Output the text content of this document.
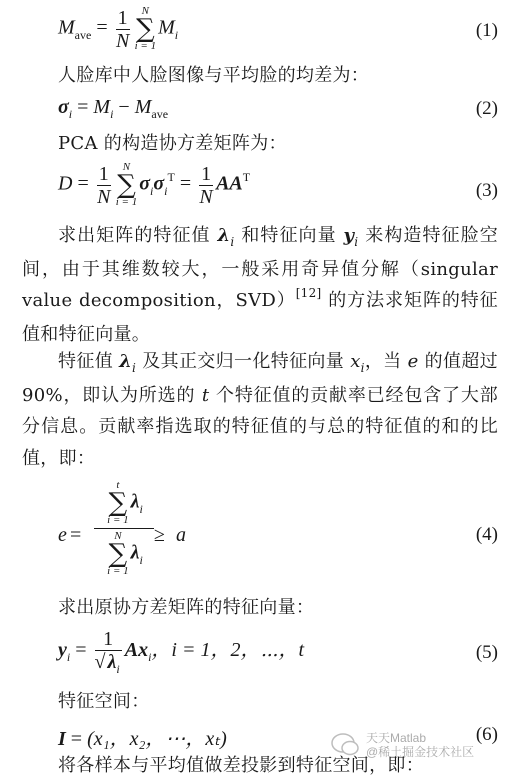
$M_{ave} = \frac{1}{N}$	N
∑
i = 1
$M_i$	(1)
人脸库中人脸图像与平均脸的均差为：
$\sigma_i = M_i - M_{ave}$	(2)
PCA 的构造协方差矩阵为：
$D = \frac{1}{N}$	N
∑
i = 1
$\sigma_i\sigma_i^T = \frac{1}{N} AA^T$
(3)
求出矩阵的特征值 $\lambda_i$ 和特征向量 $y_i$ 来构造特征脸空间，由于其维数较大，一般采用奇异值分解（singular value decomposition，SVD）[12] 的方法求矩阵的特征值和特征向量。
特征值 $\lambda_i$ 及其正交归一化特征向量 $x_i$，当 e 的值超过 90%，即认为所选的 t 个特征值的贡献率已经包含了大部分信息。贡献率指选取的特征值的与总的特征值的和的比值，即：
e = t
∑
i = 1
$\lambda_i$
N
∑
i = 1
$\lambda_i \ge a$	(4)
求出原协方差矩阵的特征向量：
$y_i = \frac{1}{√ \lambda_i} Ax_i$，i = 1，2，⋯，t	(5)
特征空间：
I = (x₁，x₂，⋯，xₜ)	(6)
将各样本与平均值做差投影到特征空间，即：
天天Matlab
@稀土掘金技术社区
